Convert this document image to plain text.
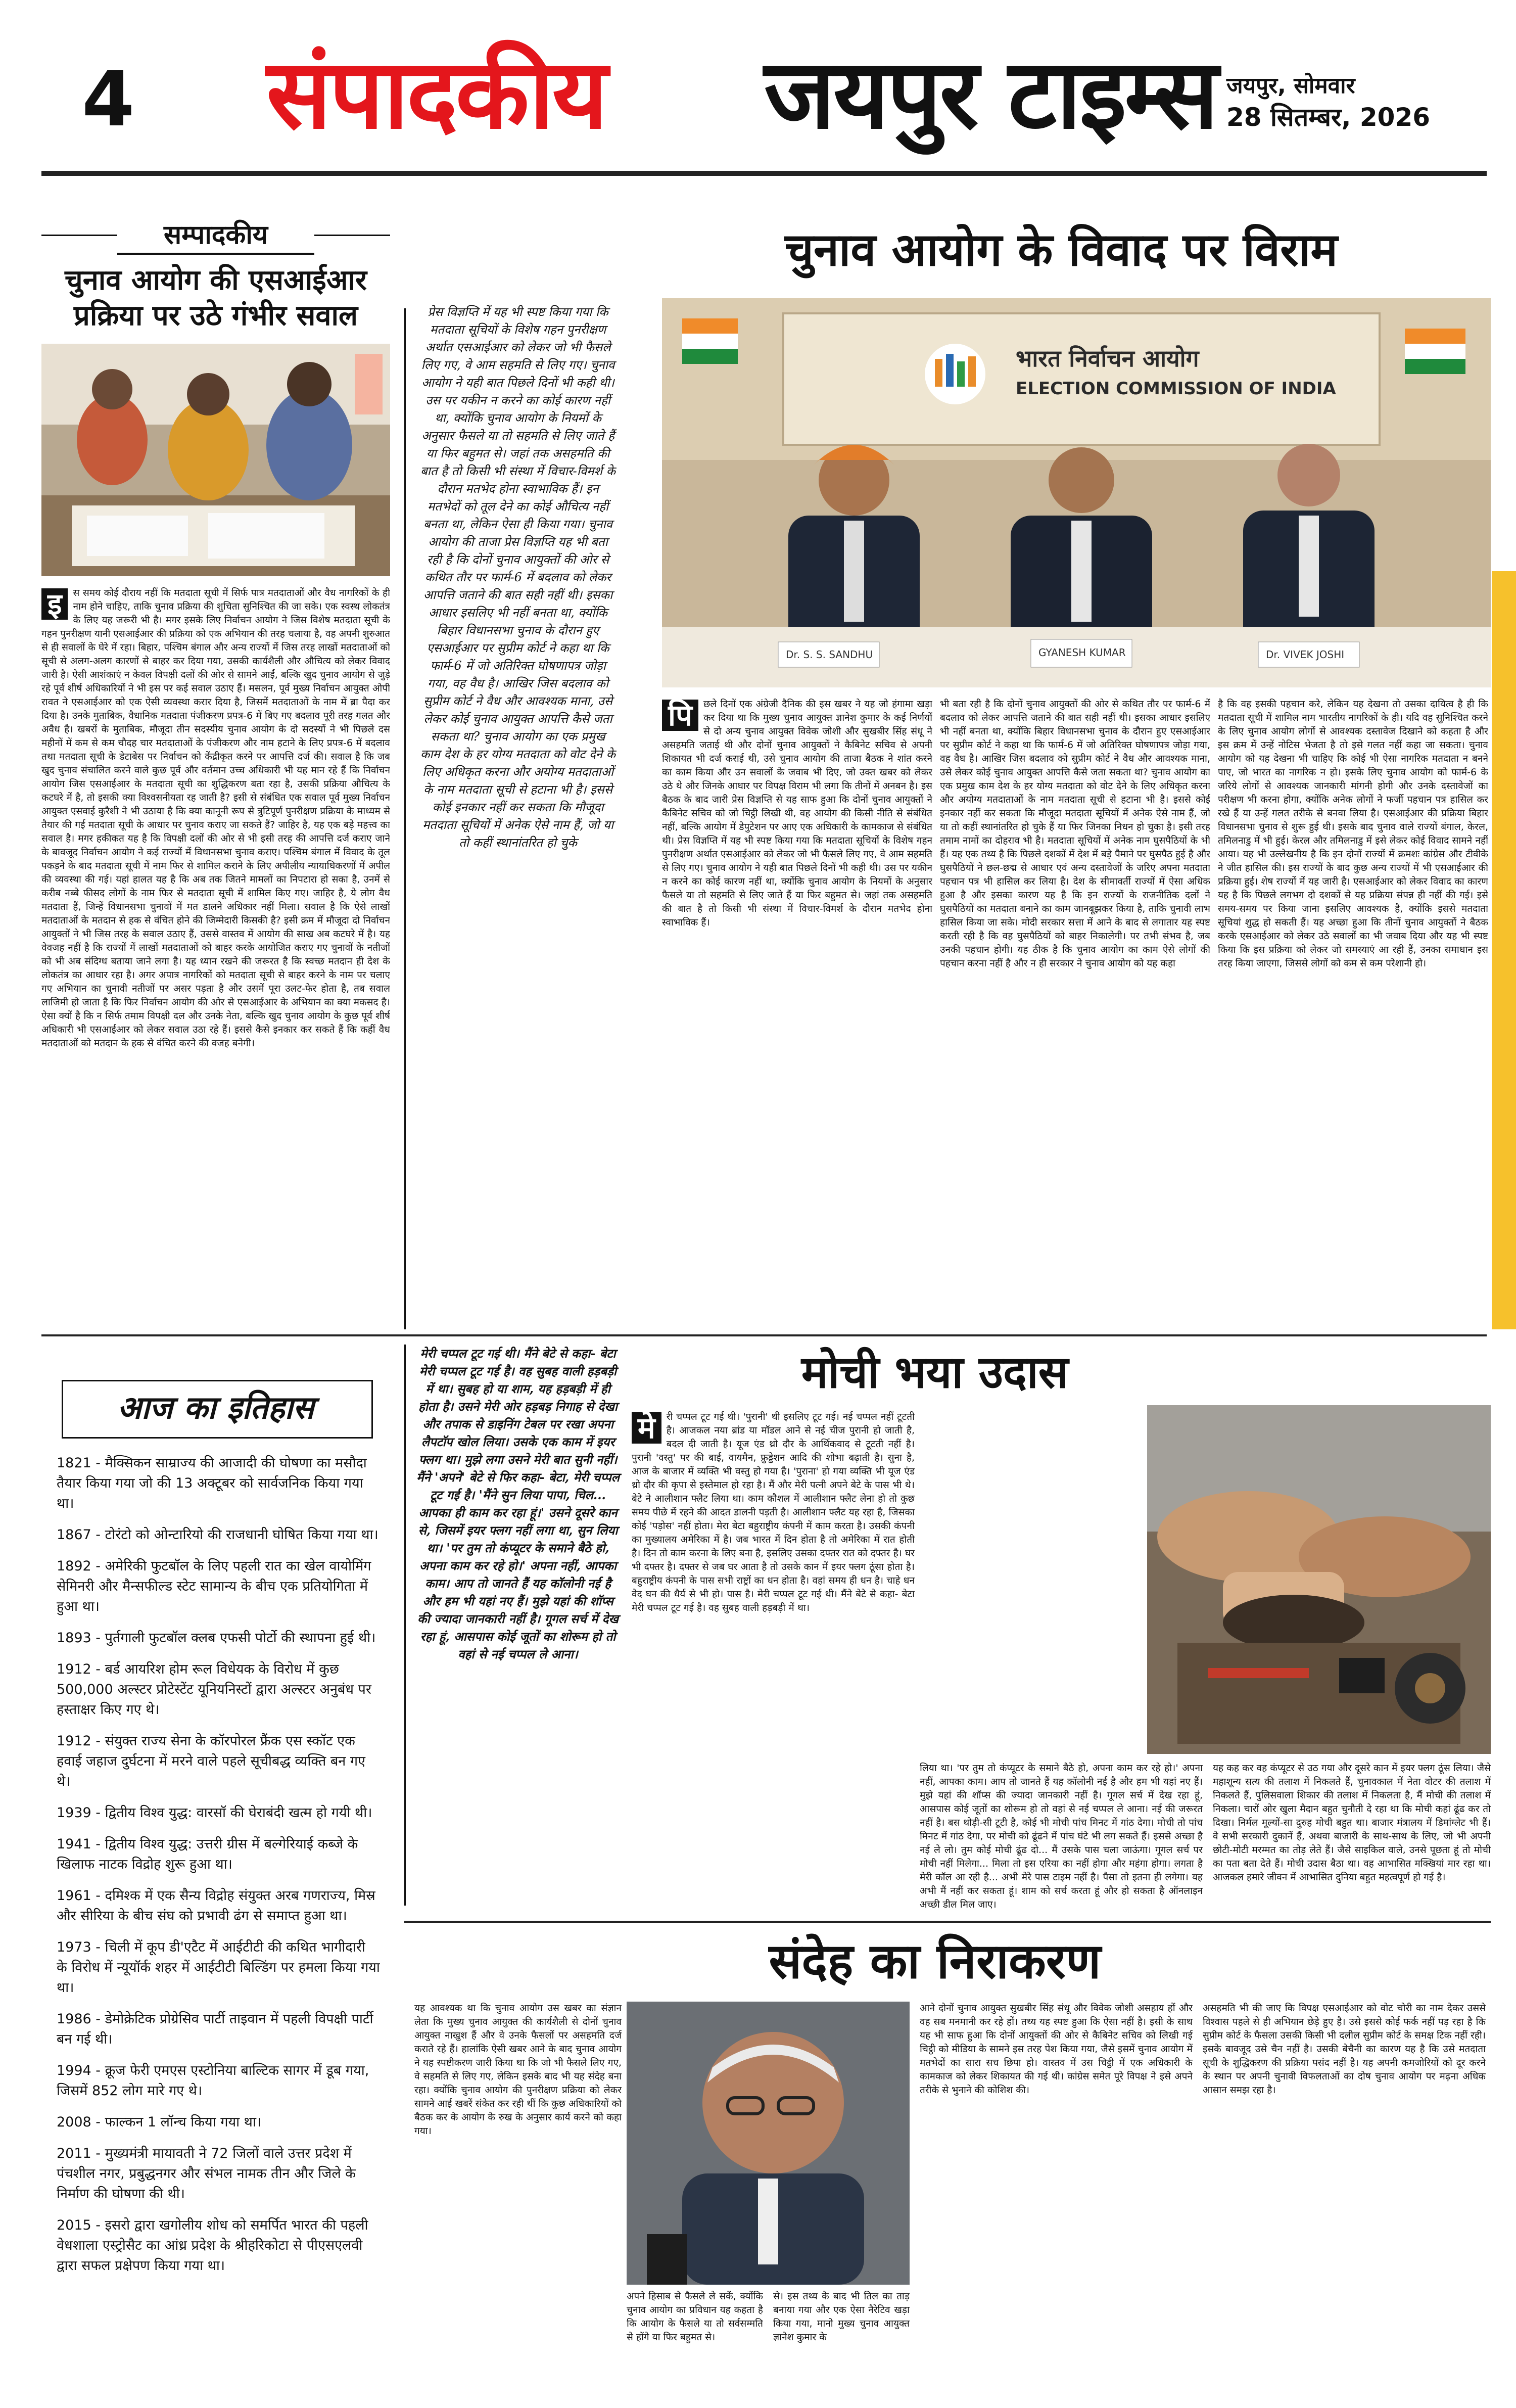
4 संपादकीय जयपुर टाइम्स जयपुर, सोमवार
28 सितम्बर, 2026
सम्पादकीय
चुनाव आयोग की एसआईआर प्रक्रिया पर उठे गंभीर सवाल
इ	स समय कोई दौराय नहीं कि मतदाता सूची में सिर्फ पात्र मतदाताओं और वैध नागरिकों के ही नाम होने चाहिए, ताकि चुनाव प्रक्रिया की शुचिता सुनिश्चित की जा सके। एक स्वस्थ लोकतंत्र के लिए यह जरूरी भी है। मगर इसके लिए निर्वाचन आयोग ने जिस विशेष मतदाता सूची के गहन पुनरीक्षण यानी एसआईआर की प्रक्रिया को एक अभियान की तरह चलाया है, वह अपनी शुरुआत से ही सवालों के घेरे में रहा। बिहार, पश्चिम बंगाल और अन्य राज्यों में जिस तरह लाखों मतदाताओं को सूची से अलग-अलग कारणों से बाहर कर दिया गया, उसकी कार्यशैली और औचित्य को लेकर विवाद जारी है। ऐसी आशंकाएं न केवल विपक्षी दलों की ओर से सामने आईं, बल्कि खुद चुनाव आयोग से जुड़े रहे पूर्व शीर्ष अधिकारियों ने भी इस पर कई सवाल उठाए हैं। मसलन, पूर्व मुख्य निर्वाचन आयुक्त ओपी रावत ने एसआईआर को एक ऐसी व्यवस्था करार दिया है, जिसमें मतदाताओं के नाम में ब्रा पैदा कर दिया है। उनके मुताबिक, वैधानिक मतदाता पंजीकरण प्रपत्र-6 में बिए गए बदलाव पूरी तरह गलत और अवैध है। खबरों के मुताबिक, मौजूदा तीन सदस्यीय चुनाव आयोग के दो सदस्यों ने भी पिछले दस महीनों में कम से कम चौदह चार मतदाताओं के पंजीकरण और नाम हटाने के लिए प्रपत्र-6 में बदलाव तथा मतदाता सूची के डेटाबेस पर निर्वाचन को केंद्रीकृत करने पर आपत्ति दर्ज की। सवाल है कि जब खुद चुनाव संचालित करने वाले कुछ पूर्व और वर्तमान उच्च अधिकारी भी यह मान रहे हैं कि निर्वाचन आयोग जिस एसआईआर के मतदाता सूची का शुद्धिकरण बता रहा है, उसकी प्रक्रिया औचित्य के कटघरे में है, तो इसकी क्या विश्वसनीयता रह जाती है? इसी से संबंधित एक सवाल पूर्व मुख्य निर्वाचन आयुक्त एसवाई कुरैशी ने भी उठाया है कि क्या कानूनी रूप से त्रुटिपूर्ण पुनरीक्षण प्रक्रिया के माध्यम से तैयार की गई मतदाता सूची के आधार पर चुनाव कराए जा सकते हैं? जाहिर है, यह एक बड़े महत्त्व का सवाल है। मगर हकीकत यह है कि विपक्षी दलों की ओर से भी इसी तरह की आपत्ति दर्ज कराए जाने के बावजूद निर्वाचन आयोग ने कई राज्यों में विधानसभा चुनाव कराए। पश्चिम बंगाल में विवाद के तूल पकड़ने के बाद मतदाता सूची में नाम फिर से शामिल कराने के लिए अपीलीय न्यायाधिकरणों में अपील की व्यवस्था की गई। यहां हालत यह है कि अब तक जितने मामलों का निपटारा हो सका है, उनमें से करीब नब्बे फीसद लोगों के नाम फिर से मतदाता सूची में शामिल किए गए। जाहिर है, ये लोग वैध मतदाता हैं, जिन्हें विधानसभा चुनावों में मत डालने अधिकार नहीं मिला। सवाल है कि ऐसे लाखों मतदाताओं के मतदान से हक से वंचित होने की जिम्मेदारी किसकी है? इसी क्रम में मौजूदा दो निर्वाचन आयुक्तों ने भी जिस तरह के सवाल उठाए हैं, उससे वास्तव में आयोग की साख अब कटघरे में है। यह वेवजह नहीं है कि राज्यों में लाखों मतदाताओं को बाहर करके आयोजित कराए गए चुनावों के नतीजों को भी अब संदिग्ध बताया जाने लगा है। यह ध्यान रखने की जरूरत है कि स्वच्छ मतदान ही देश के लोकतंत्र का आधार रहा है। अगर अपात्र नागरिकों को मतदाता सूची से बाहर करने के नाम पर चलाए गए अभियान का चुनावी नतीजों पर असर पड़ता है और उसमें पूरा उलट-फेर होता है, तब सवाल लाजिमी हो जाता है कि फिर निर्वाचन आयोग की ओर से एसआईआर के अभियान का क्या मकसद है। ऐसा क्यों है कि न सिर्फ तमाम विपक्षी दल और उनके नेता, बल्कि खुद चुनाव आयोग के कुछ पूर्व शीर्ष अधिकारी भी एसआईआर को लेकर सवाल उठा रहे हैं। इससे कैसे इनकार कर सकते हैं कि कहीं वैध मतदाताओं को मतदान के हक से वंचित करने की वजह बनेगी।
प्रेस विज्ञप्ति में यह भी स्पष्ट किया गया कि मतदाता सूचियों के विशेष गहन पुनरीक्षण अर्थात एसआईआर को लेकर जो भी फैसले लिए गए, वे आम सहमति से लिए गए। चुनाव आयोग ने यही बात पिछले दिनों भी कही थी। उस पर यकीन न करने का कोई कारण नहीं था, क्योंकि चुनाव आयोग के नियमों के अनुसार फैसले या तो सहमति से लिए जाते हैं या फिर बहुमत से। जहां तक असहमति की बात है तो किसी भी संस्था में विचार-विमर्श के दौरान मतभेद होना स्वाभाविक हैं। इन मतभेदों को तूल देने का कोई औचित्य नहीं बनता था, लेकिन ऐसा ही किया गया। चुनाव आयोग की ताजा प्रेस विज्ञप्ति यह भी बता रही है कि दोनों चुनाव आयुक्तों की ओर से कथित तौर पर फार्म-6 में बदलाव को लेकर आपत्ति जताने की बात सही नहीं थी। इसका आधार इसलिए भी नहीं बनता था, क्योंकि बिहार विधानसभा चुनाव के दौरान हुए एसआईआर पर सुप्रीम कोर्ट ने कहा था कि फार्म-6 में जो अतिरिक्त घोषणापत्र जोड़ा गया, वह वैध है। आखिर जिस बदलाव को सुप्रीम कोर्ट ने वैध और आवश्यक माना, उसे लेकर कोई चुनाव आयुक्त आपत्ति कैसे जता सकता था? चुनाव आयोग का एक प्रमुख काम देश के हर योग्य मतदाता को वोट देने के लिए अधिकृत करना और अयोग्य मतदाताओं के नाम मतदाता सूची से हटाना भी है। इससे कोई इनकार नहीं कर सकता कि मौजूदा मतदाता सूचियों में अनेक ऐसे नाम हैं, जो या तो कहीं स्थानांतरित हो चुके
चुनाव आयोग के विवाद पर विराम
भारत निर्वाचन आयोग
ELECTION COMMISSION OF INDIA
Dr. S. S. SANDHU	GYANESH KUMAR	Dr. VIVEK JOSHI
पि	छले दिनों एक अंग्रेजी दैनिक की इस खबर ने यह जो हंगामा खड़ा कर दिया था कि मुख्य चुनाव आयुक्त ज्ञानेश कुमार के कई निर्णयों से दो अन्य चुनाव आयुक्त विवेक जोशी और सुखबीर सिंह संधू ने असहमति जताई थी और दोनों चुनाव आयुक्तों ने कैबिनेट सचिव से अपनी शिकायत भी दर्ज कराई थी, उसे चुनाव आयोग की ताजा बैठक ने शांत करने का काम किया और उन सवालों के जवाब भी दिए, जो उक्त खबर को लेकर उठे थे और जिनके आधार पर विपक्ष विराम भी लगा कि तीनों में अनबन है। इस बैठक के बाद जारी प्रेस विज्ञप्ति से यह साफ हुआ कि दोनों चुनाव आयुक्तों ने कैबिनेट सचिव को जो चिट्ठी लिखी थी, वह आयोग की किसी नीति से संबंधित नहीं, बल्कि आयोग में डेपुटेशन पर आए एक अधिकारी के कामकाज से संबंधित थी। प्रेस विज्ञप्ति में यह भी स्पष्ट किया गया कि मतदाता सूचियों के विशेष गहन पुनरीक्षण अर्थात एसआईआर को लेकर जो भी फैसले लिए गए, वे आम सहमति से लिए गए। चुनाव आयोग ने यही बात पिछले दिनों भी कही थी। उस पर यकीन न करने का कोई कारण नहीं था, क्योंकि चुनाव आयोग के नियमों के अनुसार फैसले या तो सहमति से लिए जाते हैं या फिर बहुमत से। जहां तक असहमति की बात है तो किसी भी संस्था में विचार-विमर्श के दौरान मतभेद होना स्वाभाविक हैं।
भी बता रही है कि दोनों चुनाव आयुक्तों की ओर से कथित तौर पर फार्म-6 में बदलाव को लेकर आपत्ति जताने की बात सही नहीं थी। इसका आधार इसलिए भी नहीं बनता था, क्योंकि बिहार विधानसभा चुनाव के दौरान हुए एसआईआर पर सुप्रीम कोर्ट ने कहा था कि फार्म-6 में जो अतिरिक्त घोषणापत्र जोड़ा गया, वह वैध है। आखिर जिस बदलाव को सुप्रीम कोर्ट ने वैध और आवश्यक माना, उसे लेकर कोई चुनाव आयुक्त आपत्ति कैसे जता सकता था? चुनाव आयोग का एक प्रमुख काम देश के हर योग्य मतदाता को वोट देने के लिए अधिकृत करना और अयोग्य मतदाताओं के नाम मतदाता सूची से हटाना भी है। इससे कोई इनकार नहीं कर सकता कि मौजूदा मतदाता सूचियों में अनेक ऐसे नाम हैं, जो या तो कहीं स्थानांतरित हो चुके हैं या फिर जिनका निधन हो चुका है। इसी तरह तमाम नामों का दोहराव भी है। मतदाता सूचियों में अनेक नाम घुसपैठियों के भी हैं। यह एक तथ्य है कि पिछले दशकों में देश में बड़े पैमाने पर घुसपैठ हुई है और घुसपैठियों ने छल-छद्म से आधार एवं अन्य दस्तावेजों के जरिए अपना मतदाता पहचान पत्र भी हासिल कर लिया है। देश के सीमावर्ती राज्यों में ऐसा अधिक हुआ है और इसका कारण यह है कि इन राज्यों के राजनीतिक दलों ने घुसपैठियों का मतदाता बनाने का काम जानबूझकर किया है, ताकि चुनावी लाभ हासिल किया जा सके। मोदी सरकार सत्ता में आने के बाद से लगातार यह स्पष्ट करती रही है कि वह घुसपैठियों को बाहर निकालेगी। पर तभी संभव है, जब उनकी पहचान होगी। यह ठीक है कि चुनाव आयोग का काम ऐसे लोगों की पहचान करना नहीं है और न ही सरकार ने चुनाव आयोग को यह कहा
है कि वह इसकी पहचान करे, लेकिन यह देखना तो उसका दायित्व है ही कि मतदाता सूची में शामिल नाम भारतीय नागरिकों के ही। यदि वह सुनिश्चित करने के लिए चुनाव आयोग लोगों से आवश्यक दस्तावेज दिखाने को कहता है और इस क्रम में उन्हें नोटिस भेजता है तो इसे गलत नहीं कहा जा सकता। चुनाव आयोग को यह देखना भी चाहिए कि कोई भी ऐसा नागरिक मतदाता न बनने पाए, जो भारत का नागरिक न हो। इसके लिए चुनाव आयोग को फार्म-6 के जरिये लोगों से आवश्यक जानकारी मांगनी होगी और उनके दस्तावेजों का परीक्षण भी करना होगा, क्योंकि अनेक लोगों ने फर्जी पहचान पत्र हासिल कर रखे हैं या उन्हें गलत तरीके से बनवा लिया है। एसआईआर की प्रक्रिया बिहार विधानसभा चुनाव से शुरू हुई थी। इसके बाद चुनाव वाले राज्यों बंगाल, केरल, तमिलनाडु में भी हुई। केरल और तमिलनाडु में इसे लेकर कोई विवाद सामने नहीं आया। यह भी उल्लेखनीय है कि इन दोनों राज्यों में क्रमशः कांग्रेस और टीवीके ने जीत हासिल की। इस राज्यों के बाद कुछ अन्य राज्यों में भी एसआईआर की प्रक्रिया हुई। शेष राज्यों में यह जारी है। एसआईआर को लेकर विवाद का कारण यह है कि पिछले लगभग दो दशकों से यह प्रक्रिया संपन्न ही नहीं की गई। इसे समय-समय पर किया जाना इसलिए आवश्यक है, क्योंकि इससे मतदाता सूचियां शुद्ध हो सकती हैं। यह अच्छा हुआ कि तीनों चुनाव आयुक्तों ने बैठक करके एसआईआर को लेकर उठे सवालों का भी जवाब दिया और यह भी स्पष्ट किया कि इस प्रक्रिया को लेकर जो समस्याएं आ रही हैं, उनका समाधान इस तरह किया जाएगा, जिससे लोगों को कम से कम परेशानी हो।
आज का इतिहास
1821 - मैक्सिकन साम्राज्य की आजादी की घोषणा का मसौदा तैयार किया गया जो की 13 अक्टूबर को सार्वजनिक किया गया था।
1867 - टोरंटो को ओन्टारियो की राजधानी घोषित किया गया था।
1892 - अमेरिकी फुटबॉल के लिए पहली रात का खेल वायोमिंग सेमिनरी और मैन्सफील्ड स्टेट सामान्य के बीच एक प्रतियोगिता में हुआ था।
1893 - पुर्तगाली फुटबॉल क्लब एफसी पोर्टो की स्थापना हुई थी।
1912 - बर्ड आयरिश होम रूल विधेयक के विरोध में कुछ 500,000 अल्स्टर प्रोटेस्टेंट यूनियनिस्टों द्वारा अल्स्टर अनुबंध पर हस्ताक्षर किए गए थे।
1912 - संयुक्त राज्य सेना के कॉरपोरल फ्रैंक एस स्कॉट एक हवाई जहाज दुर्घटना में मरने वाले पहले सूचीबद्ध व्यक्ति बन गए थे।
1939 - द्वितीय विश्व युद्ध: वारसॉ की घेराबंदी खत्म हो गयी थी।
1941 - द्वितीय विश्व युद्ध: उत्तरी ग्रीस में बल्गेरियाई कब्जे के खिलाफ नाटक विद्रोह शुरू हुआ था।
1961 - दमिश्क में एक सैन्य विद्रोह संयुक्त अरब गणराज्य, मिस्र और सीरिया के बीच संघ को प्रभावी ढंग से समाप्त हुआ था।
1973 - चिली में कूप डी'एटैट में आईटीटी की कथित भागीदारी के विरोध में न्यूयॉर्क शहर में आईटीटी बिल्डिंग पर हमला किया गया था।
1986 - डेमोक्रेटिक प्रोग्रेसिव पार्टी ताइवान में पहली विपक्षी पार्टी बन गई थी।
1994 - क्रूज फेरी एमएस एस्टोनिया बाल्टिक सागर में डूब गया, जिसमें 852 लोग मारे गए थे।
2008 - फाल्कन 1 लॉन्च किया गया था।
2011 - मुख्यमंत्री मायावती ने 72 जिलों वाले उत्तर प्रदेश में पंचशील नगर, प्रबुद्धनगर और संभल नामक तीन और जिले के निर्माण की घोषणा की थी।
2015 - इसरो द्वारा खगोलीय शोध को समर्पित भारत की पहली वेधशाला एस्ट्रोसैट का आंध्र प्रदेश के श्रीहरिकोटा से पीएसएलवी द्वारा सफल प्रक्षेपण किया गया था।
मेरी चप्पल टूट गई थी। मैंने बेटे से कहा- बेटा मेरी चप्पल टूट गई है। वह सुबह वाली हड़बड़ी में था। सुबह हो या शाम, यह हड़बड़ी में ही होता है। उसने मेरी ओर हड़बड़ निगाह से देखा और तपाक से डाइनिंग टेबल पर रखा अपना लैपटॉप खोल लिया। उसके एक काम में इयर फ्लग था। मुझे लगा उसने मेरी बात सुनी नहीं। मैंने 'अपने' बेटे से फिर कहा- बेटा, मेरी चप्पल टूट गई है। 'मैंने सुन लिया पापा, चिल... आपका ही काम कर रहा हूं।' उसने दूसरे कान से, जिसमें इयर फ्लग नहीं लगा था, सुन लिया था। 'पर तुम तो कंप्यूटर के समाने बैठे हो, अपना काम कर रहे हो।' अपना नहीं, आपका काम। आप तो जानते हैं यह कॉलोनी नई है और हम भी यहां नए हैं। मुझे यहां की शॉप्स की ज्यादा जानकारी नहीं है। गूगल सर्च में देख रहा हूं, आसपास कोई जूतों का शोरूम हो तो वहां से नई चप्पल ले आना।
मोची भया उदास
मे	री चप्पल टूट गई थी। 'पुरानी' थी इसलिए टूट गई। नई चप्पल नहीं टूटती है। आजकल नया ब्रांड या मॉडल आने से नई चीज पुरानी हो जाती है, बदल दी जाती है। यूज एंड थ्रो दौर के आर्थिकवाद से टूटती नहीं है। पुरानी 'वस्तु' पर की बाई, वायमैन, फ्रुड्डेशन आदि की शोभा बढ़ाती है। सुना है, आज के बाजार में व्यक्ति भी वस्तु हो गया है। 'पुराना' हो गया व्यक्ति भी यूज एंड थ्रो दौर की कृपा से इस्तेमाल हो रहा है। मैं और मेरी पत्नी अपने बेटे के पास भी थे। बेटे ने आलीशान फ्लैट लिया था। काम कौशल में आलीशान फ्लैट लेना हो तो कुछ समय पीछे में रहने की आदत डालनी पड़ती है। आलीशान फ्लैट यह रहा है, जिसका कोई 'पड़ोस' नहीं होता। मेरा बेटा बहुराष्ट्रीय कंपनी में काम करता है। उसकी कंपनी का मुख्यालय अमेरिका में है। जब भारत में दिन होता है तो अमेरिका में रात होती है। दिन तो काम करना के लिए बना है, इसलिए उसका दफ्तर रात को दफ्तर है। घर भी दफ्तर है। दफ्तर से जब घर आता है तो उसके कान में इयर फ्लग ठूंसा होता है। बहुराष्ट्रीय कंपनी के पास सभी राष्ट्रों का धन होता है। वहां समय ही धन है। चाहे धन वेद घन की धैर्य से भी हो। पास है। मेरी चप्पल टूट गई थी। मैंने बेटे से कहा- बेटा मेरी चप्पल टूट गई है। वह सुबह वाली हड़बड़ी में था।
लिया था। 'पर तुम तो कंप्यूटर के समाने बैठे हो, अपना काम कर रहे हो।' अपना नहीं, आपका काम। आप तो जानते हैं यह कॉलोनी नई है और हम भी यहां नए हैं। मुझे यहां की शॉप्स की ज्यादा जानकारी नहीं है। गूगल सर्च में देख रहा हूं, आसपास कोई जूतों का शोरूम हो तो वहां से नई चप्पल ले आना। नई की जरूरत नहीं है। बस थोड़ी-सी टूटी है, कोई भी मोची पांच मिनट में गांठ देगा। मोची तो पांच मिनट में गांठ देगा, पर मोची को ढूंढने में पांच घंटे भी लग सकते हैं। इससे अच्छा है नई ले लो। तुम कोई मोची ढूंढ दो... मैं उसके पास चला जाऊंगा। गूगल सर्च पर मोची नहीं मिलेगा... मिला तो इस एरिया का नहीं होगा और महंगा होगा। लगता है मेरी कॉल आ रही है... अभी मेरे पास टाइम नहीं है। पैसा तो इतना ही लगेगा। यह अभी मैं नहीं कर सकता हूं। शाम को सर्च करता हूं और हो सकता है ऑनलाइन अच्छी डील मिल जाए।
यह कह कर वह कंप्यूटर से उठ गया और दूसरे कान में इयर फ्लग ठूंस लिया। जैसे महाशून्य सत्य की तलाश में निकलते हैं, चुनावकाल में नेता वोटर की तलाश में निकलते हैं, पुलिसवाला शिकार की तलाश में निकलता है, मैं मोची की तलाश में निकला। चारों ओर खुला मैदान बहुत चुनौती दे रहा था कि मोची कहां ढूंढ कर तो दिखा। निर्मल मूल्यों-सा दुरुह मोची बहुत था। बाजार मंत्रालय में डिमांग्लेट भी हैं। वे सभी सरकारी दुकानें हैं, अथवा बाजारी के साथ-साथ के लिए, जो भी अपनी छोटी-मोटी मरम्मत का तोड़ लेते हैं। जैसे साइकिल वाले, उनसे पूछता हूं तो मोची का पता बता देते हैं। मोची उदास बैठा था। वह आभासित मक्खियां मार रहा था। आजकल हमारे जीवन में आभासित दुनिया बहुत महत्वपूर्ण हो गई है।
संदेह का निराकरण
यह आवश्यक था कि चुनाव आयोग उस खबर का संज्ञान लेता कि मुख्य चुनाव आयुक्त की कार्यशैली से दोनों चुनाव आयुक्त नाखुश हैं और वे उनके फैसलों पर असहमति दर्ज कराते रहे हैं। हालांकि ऐसी खबर आने के बाद चुनाव आयोग ने यह स्पष्टीकरण जारी किया था कि जो भी फैसले लिए गए, वे सहमति से लिए गए, लेकिन इसके बाद भी यह संदेह बना रहा। क्योंकि चुनाव आयोग की पुनरीक्षण प्रक्रिया को लेकर सामने आई खबरें संकेत कर रही थीं कि कुछ अधिकारियों को बैठक कर के आयोग के रुख के अनुसार कार्य करने को कहा गया।
अपने हिसाब से फैसले ले सकें, क्योंकि चुनाव आयोग का प्रविधान यह कहता है कि आयोग के फैसले या तो सर्वसम्मति से होंगे या फिर बहुमत से।
से। इस तथ्य के बाद भी तिल का ताड़ बनाया गया और एक ऐसा नैरेटिव खड़ा किया गया, मानो मुख्य चुनाव आयुक्त ज्ञानेश कुमार के
आने दोनों चुनाव आयुक्त सुखबीर सिंह संधू और विवेक जोशी असहाय हों और वह सब मनमानी कर रहे हों। तथ्य यह स्पष्ट हुआ कि ऐसा नहीं है। इसी के साथ यह भी साफ हुआ कि दोनों आयुक्तों की ओर से कैबिनेट सचिव को लिखी गई चिट्ठी को मीडिया के सामने इस तरह पेश किया गया, जैसे इसमें चुनाव आयोग में मतभेदों का सारा सच छिपा हो। वास्तव में उस चिट्ठी में एक अधिकारी के कामकाज को लेकर शिकायत की गई थी। कांग्रेस समेत पूरे विपक्ष ने इसे अपने तरीके से भुनाने की कोशिश की।
असहमति भी की जाए कि विपक्ष एसआईआर को वोट चोरी का नाम देकर उससे विश्वास पहले से ही अभियान छेड़े हुए है। उसे इससे कोई फर्क नहीं पड़ रहा है कि सुप्रीम कोर्ट के फैसला उसकी किसी भी दलील सुप्रीम कोर्ट के समक्ष टिक नहीं रही। इसके बावजूद उसे चैन नहीं है। उसकी बेचैनी का कारण यह है कि उसे मतदाता सूची के शुद्धिकरण की प्रक्रिया पसंद नहीं है। यह अपनी कमजोरियों को दूर करने के स्थान पर अपनी चुनावी विफलताओं का दोष चुनाव आयोग पर मढ़ना अधिक आसान समझ रहा है।
